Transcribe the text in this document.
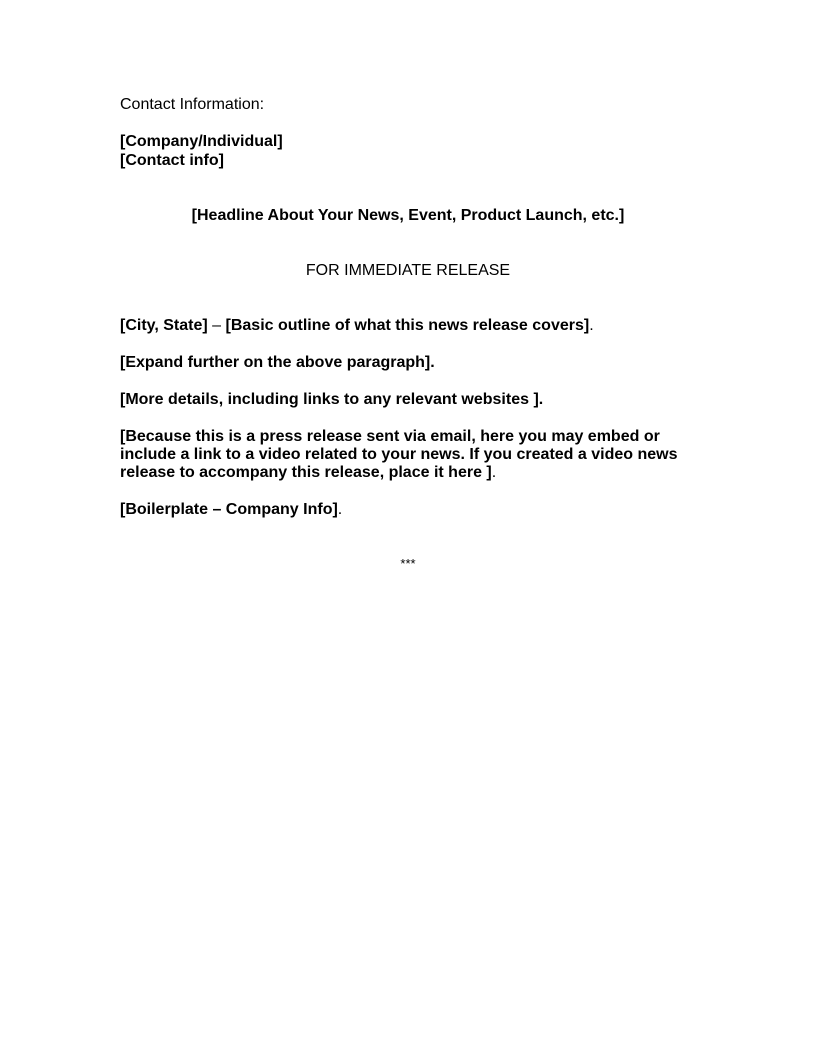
Contact Information:
[Company/Individual]
[Contact info]
[Headline About Your News, Event, Product Launch, etc.]
FOR IMMEDIATE RELEASE
[City, State] – [Basic outline of what this news release covers].
[Expand further on the above paragraph].
[More details, including links to any relevant websites ].
[Because this is a press release sent via email, here you may embed or
include a link to a video related to your news. If you created a video news
release to accompany this release, place it here ].
[Boilerplate – Company Info].
***
